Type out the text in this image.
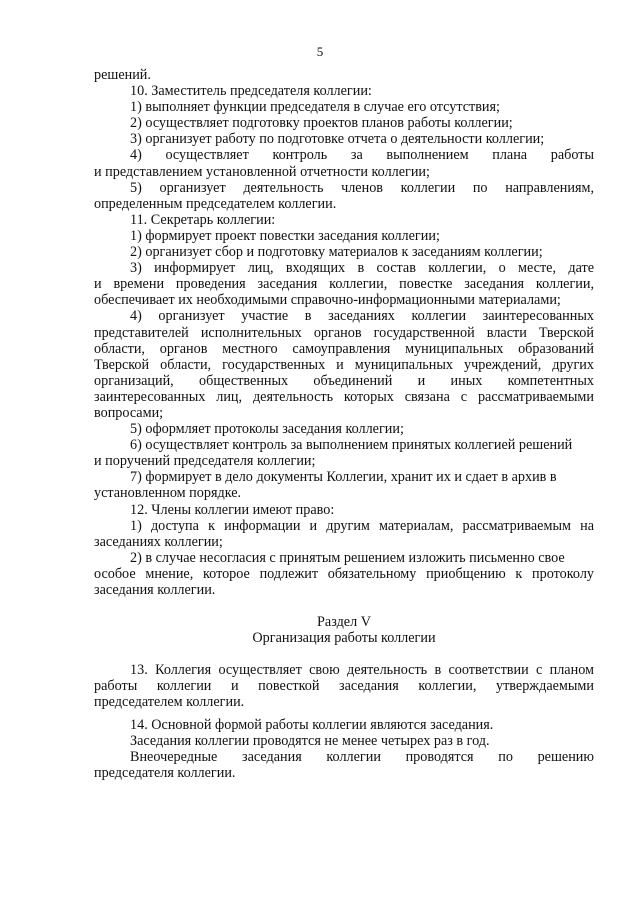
5
решений.
10. Заместитель председателя коллегии:
1) выполняет функции председателя в случае его отсутствия;
2) осуществляет подготовку проектов планов работы коллегии;
3) организует работу по подготовке отчета о деятельности коллегии;
4) осуществляет контроль за выполнением плана работы
и представлением установленной отчетности коллегии;
5) организует деятельность членов коллегии по направлениям,
определенным председателем коллегии.
11. Секретарь коллегии:
1) формирует проект повестки заседания коллегии;
2) организует сбор и подготовку материалов к заседаниям коллегии;
3) информирует лиц, входящих в состав коллегии, о месте, дате
и времени проведения заседания коллегии, повестке заседания коллегии,
обеспечивает их необходимыми справочно-информационными материалами;
4) организует участие в заседаниях коллегии заинтересованных
представителей исполнительных органов государственной власти Тверской
области, органов местного самоуправления муниципальных образований
Тверской области, государственных и муниципальных учреждений, других
организаций, общественных объединений и иных компетентных
заинтересованных лиц, деятельность которых связана с рассматриваемыми
вопросами;
5) оформляет протоколы заседания коллегии;
6) осуществляет контроль за выполнением принятых коллегией решений
и поручений председателя коллегии;
7) формирует в дело документы Коллегии, хранит их и сдает в архив в
установленном порядке.
12. Члены коллегии имеют право:
1) доступа к информации и другим материалам, рассматриваемым на
заседаниях коллегии;
2) в случае несогласия с принятым решением изложить письменно свое
особое мнение, которое подлежит обязательному приобщению к протоколу
заседания коллегии.
Раздел V
Организация работы коллегии
13. Коллегия осуществляет свою деятельность в соответствии с планом
работы коллегии и повесткой заседания коллегии, утверждаемыми
председателем коллегии.
14. Основной формой работы коллегии являются заседания.
Заседания коллегии проводятся не менее четырех раз в год.
Внеочередные заседания коллегии проводятся по решению
председателя коллегии.
